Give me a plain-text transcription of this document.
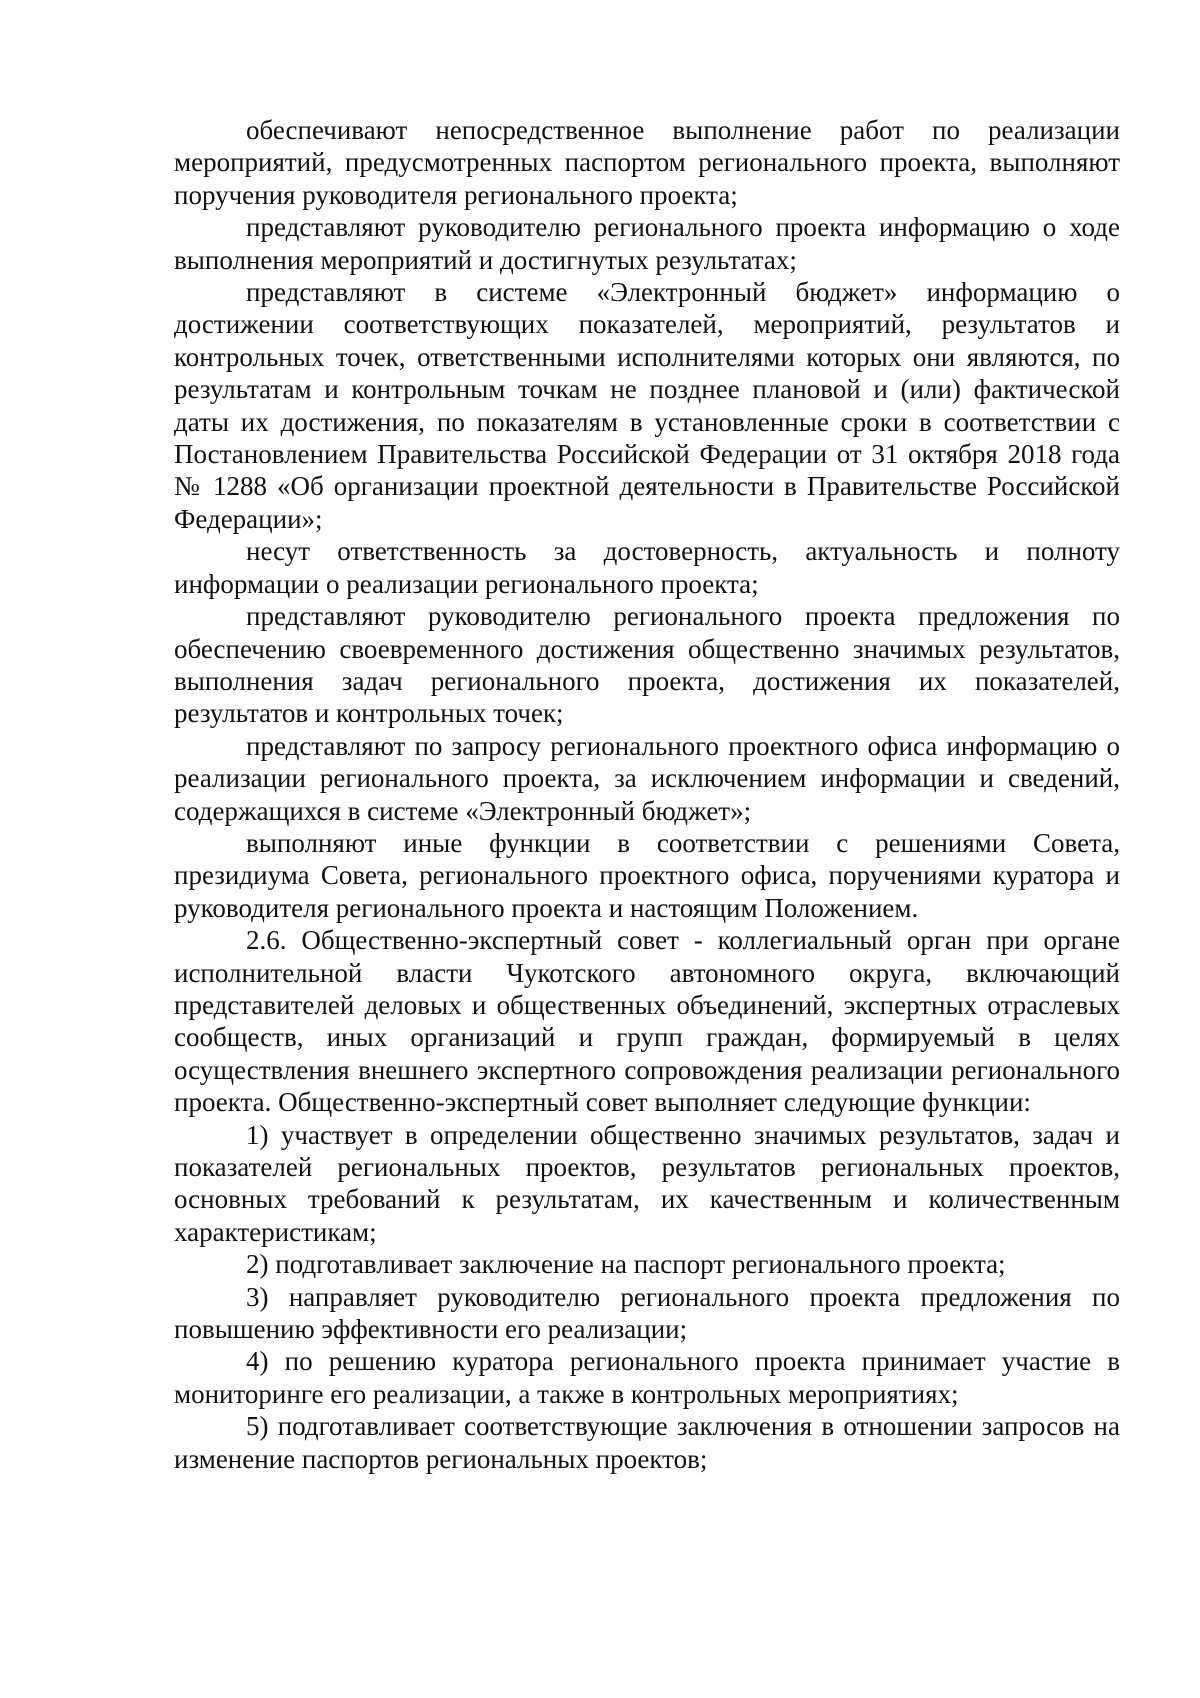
обеспечивают непосредственное выполнение работ по реализации мероприятий, предусмотренных паспортом регионального проекта, выполняют поручения руководителя регионального проекта;

представляют руководителю регионального проекта информацию о ходе выполнения мероприятий и достигнутых результатах;

представляют в системе «Электронный бюджет» информацию о достижении соответствующих показателей, мероприятий, результатов и контрольных точек, ответственными исполнителями которых они являются, по результатам и контрольным точкам не позднее плановой и (или) фактической даты их достижения, по показателям в установленные сроки в соответствии с Постановлением Правительства Российской Федерации от 31 октября 2018 года № 1288 «Об организации проектной деятельности в Правительстве Российской Федерации»;

несут ответственность за достоверность, актуальность и полноту информации о реализации регионального проекта;

представляют руководителю регионального проекта предложения по обеспечению своевременного достижения общественно значимых результатов, выполнения задач регионального проекта, достижения их показателей, результатов и контрольных точек;

представляют по запросу регионального проектного офиса информацию о реализации регионального проекта, за исключением информации и сведений, содержащихся в системе «Электронный бюджет»;

выполняют иные функции в соответствии с решениями Совета, президиума Совета, регионального проектного офиса, поручениями куратора и руководителя регионального проекта и настоящим Положением.

2.6. Общественно-экспертный совет - коллегиальный орган при органе исполнительной власти Чукотского автономного округа, включающий представителей деловых и общественных объединений, экспертных отраслевых сообществ, иных организаций и групп граждан, формируемый в целях осуществления внешнего экспертного сопровождения реализации регионального проекта. Общественно-экспертный совет выполняет следующие функции:

1) участвует в определении общественно значимых результатов, задач и показателей региональных проектов, результатов региональных проектов, основных требований к результатам, их качественным и количественным характеристикам;

2) подготавливает заключение на паспорт регионального проекта;

3) направляет руководителю регионального проекта предложения по повышению эффективности его реализации;

4) по решению куратора регионального проекта принимает участие в мониторинге его реализации, а также в контрольных мероприятиях;

5) подготавливает соответствующие заключения в отношении запросов на изменение паспортов региональных проектов;
